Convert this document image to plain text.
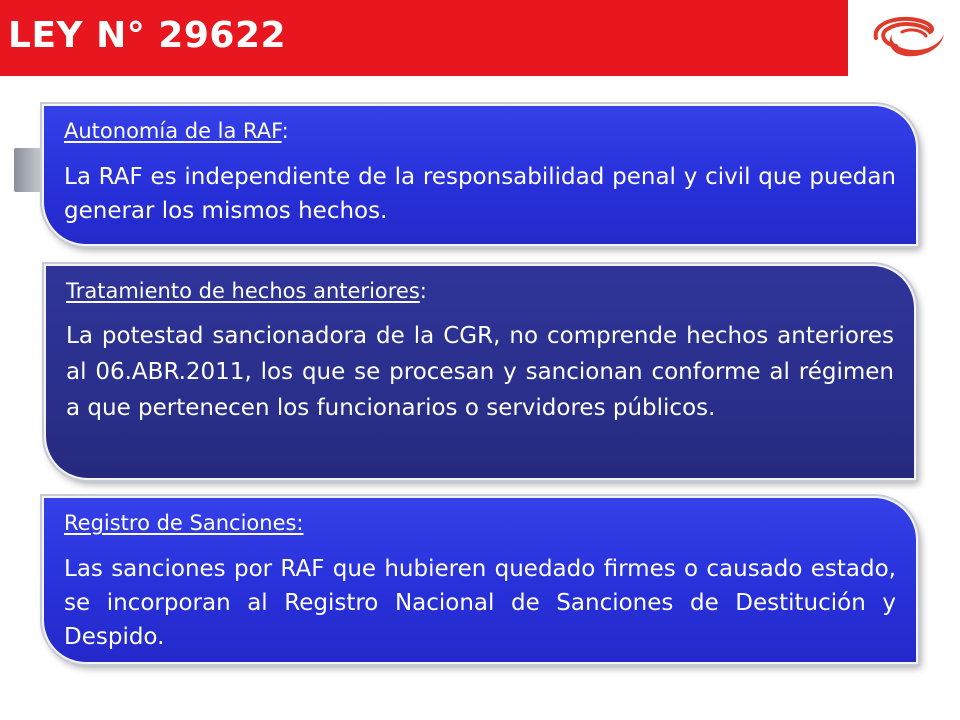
LEY N° 29622

Autonomía de la RAF:

La RAF es independiente de la responsabilidad penal y civil que puedan generar los mismos hechos.

Tratamiento de hechos anteriores:

La potestad sancionadora de la CGR, no comprende hechos anteriores al 06.ABR.2011, los que se procesan y sancionan conforme al régimen a que pertenecen los funcionarios o servidores públicos.

Registro de Sanciones:

Las sanciones por RAF que hubieren quedado firmes o causado estado, se incorporan al Registro Nacional de Sanciones de Destitución y Despido.
